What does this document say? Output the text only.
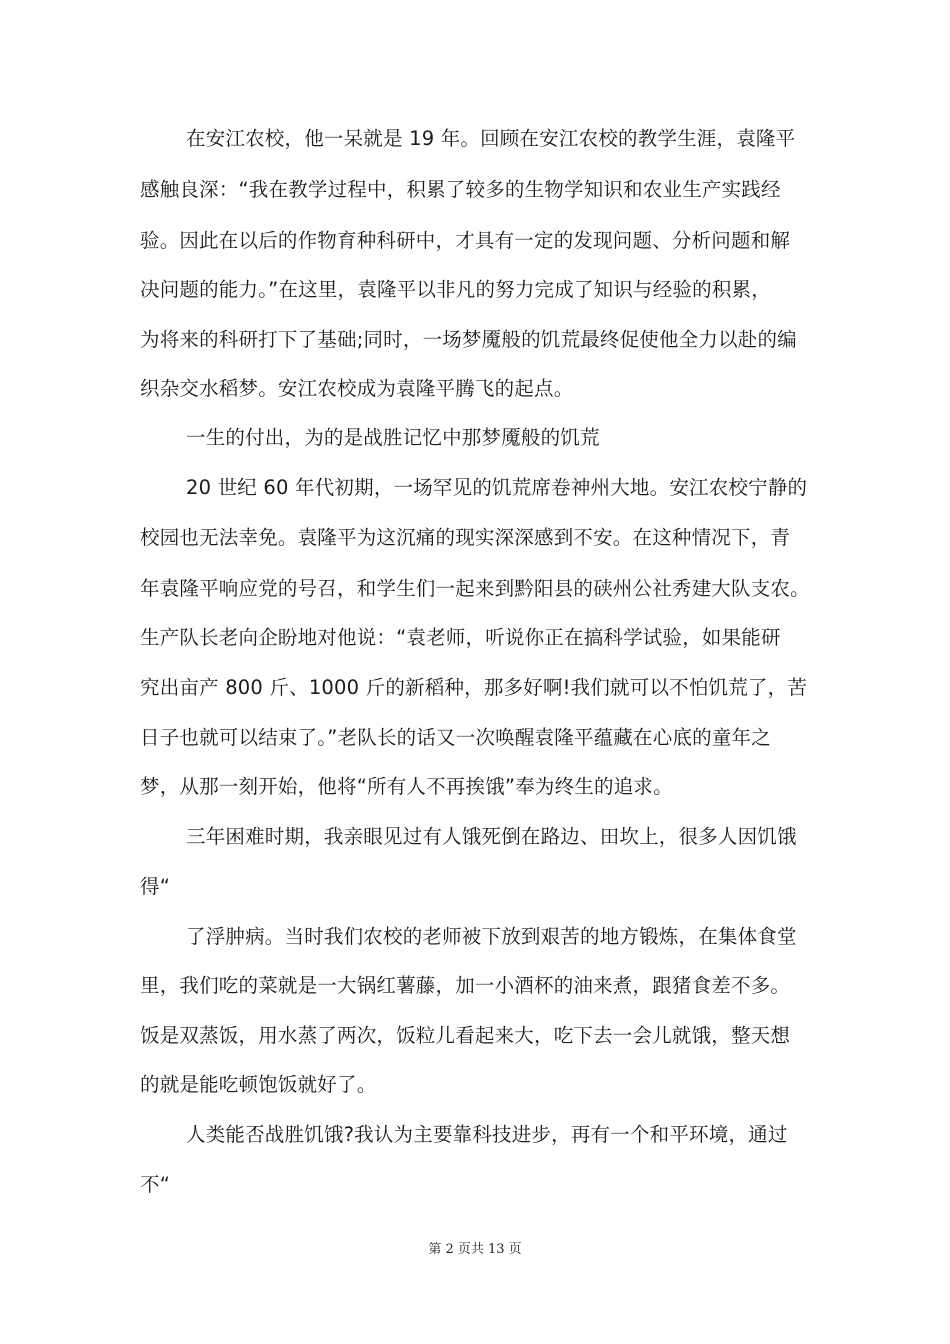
在安江农校，他一呆就是 19 年。回顾在安江农校的教学生涯，袁隆平
感触良深：“我在教学过程中，积累了较多的生物学知识和农业生产实践经
验。因此在以后的作物育种科研中，才具有一定的发现问题、分析问题和解
决问题的能力。”在这里，袁隆平以非凡的努力完成了知识与经验的积累，
为将来的科研打下了基础;同时，一场梦魇般的饥荒最终促使他全力以赴的编
织杂交水稻梦。安江农校成为袁隆平腾飞的起点。
一生的付出，为的是战胜记忆中那梦魇般的饥荒
20 世纪 60 年代初期，一场罕见的饥荒席卷神州大地。安江农校宁静的
校园也无法幸免。袁隆平为这沉痛的现实深深感到不安。在这种情况下，青
年袁隆平响应党的号召，和学生们一起来到黔阳县的硖州公社秀建大队支农。
生产队长老向企盼地对他说：“袁老师，听说你正在搞科学试验，如果能研
究出亩产 800 斤、1000 斤的新稻种，那多好啊!我们就可以不怕饥荒了，苦
日子也就可以结束了。”老队长的话又一次唤醒袁隆平蕴藏在心底的童年之
梦，从那一刻开始，他将“所有人不再挨饿”奉为终生的追求。
三年困难时期，我亲眼见过有人饿死倒在路边、田坎上，很多人因饥饿
得“
了浮肿病。当时我们农校的老师被下放到艰苦的地方锻炼，在集体食堂
里，我们吃的菜就是一大锅红薯藤，加一小酒杯的油来煮，跟猪食差不多。
饭是双蒸饭，用水蒸了两次，饭粒儿看起来大，吃下去一会儿就饿，整天想
的就是能吃顿饱饭就好了。
人类能否战胜饥饿?我认为主要靠科技进步，再有一个和平环境，通过
不“
第 2 页共 13 页
